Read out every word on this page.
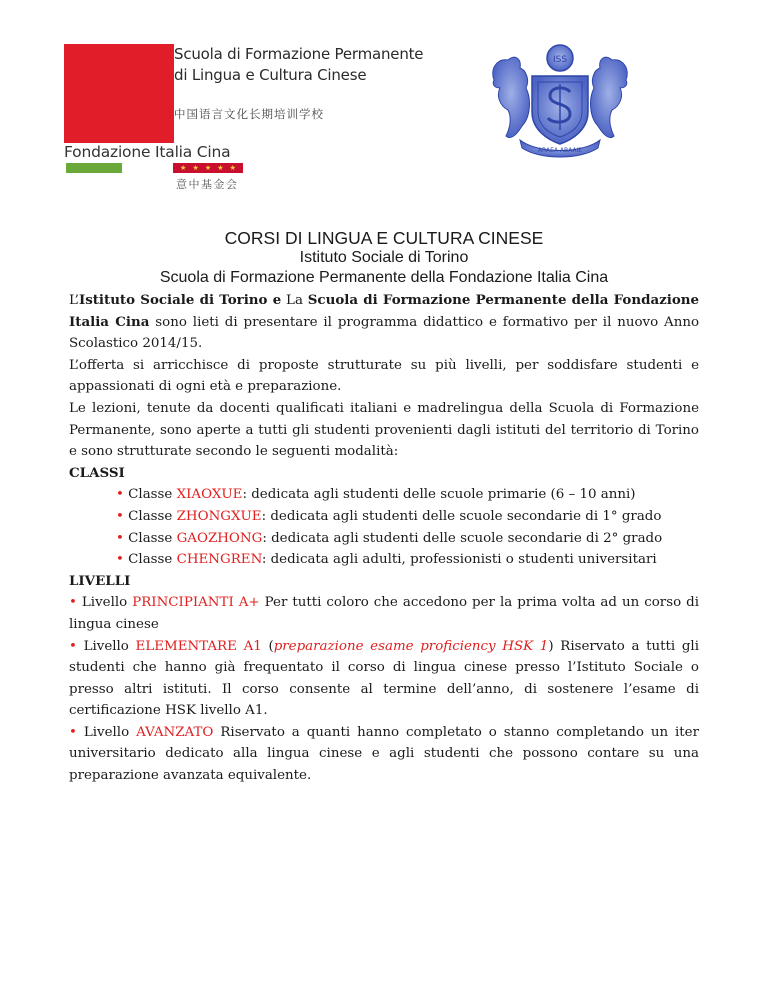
Scuola di Formazione Permanente
di Lingua e Cultura Cinese
中国语言文化长期培训学校
Fondazione Italia Cina
★ ★ ★ ★ ★
意中基金会
ISS
ARAEA ABAAIE
CORSI DI LINGUA E CULTURA CINESE
Istituto Sociale di Torino
Scuola di Formazione Permanente della Fondazione Italia Cina

L’Istituto Sociale di Torino e La Scuola di Formazione Permanente della Fondazione Italia Cina sono lieti di presentare il programma didattico e formativo per il nuovo Anno Scolastico 2014/15.

L’offerta si arricchisce di proposte strutturate su più livelli, per soddisfare studenti e appassionati di ogni età e preparazione.

Le lezioni, tenute da docenti qualificati italiani e madrelingua della Scuola di Formazione Permanente, sono aperte a tutti gli studenti provenienti dagli istituti del territorio di Torino e sono strutturate secondo le seguenti modalità:

CLASSI

• Classe XIAOXUE: dedicata agli studenti delle scuole primarie (6 – 10 anni)

• Classe ZHONGXUE: dedicata agli studenti delle scuole secondarie di 1° grado

• Classe GAOZHONG: dedicata agli studenti delle scuole secondarie di 2° grado

• Classe CHENGREN: dedicata agli adulti, professionisti o studenti universitari

LIVELLI

• Livello PRINCIPIANTI A+ Per tutti coloro che accedono per la prima volta ad un corso di lingua cinese

• Livello ELEMENTARE A1 (preparazione esame proficiency HSK 1) Riservato a tutti gli studenti che hanno già frequentato il corso di lingua cinese presso l’Istituto Sociale o presso altri istituti. Il corso consente al termine dell’anno, di sostenere l’esame di certificazione HSK livello A1.

• Livello AVANZATO Riservato a quanti hanno completato o stanno completando un iter universitario dedicato alla lingua cinese e agli studenti che possono contare su una preparazione avanzata equivalente.
